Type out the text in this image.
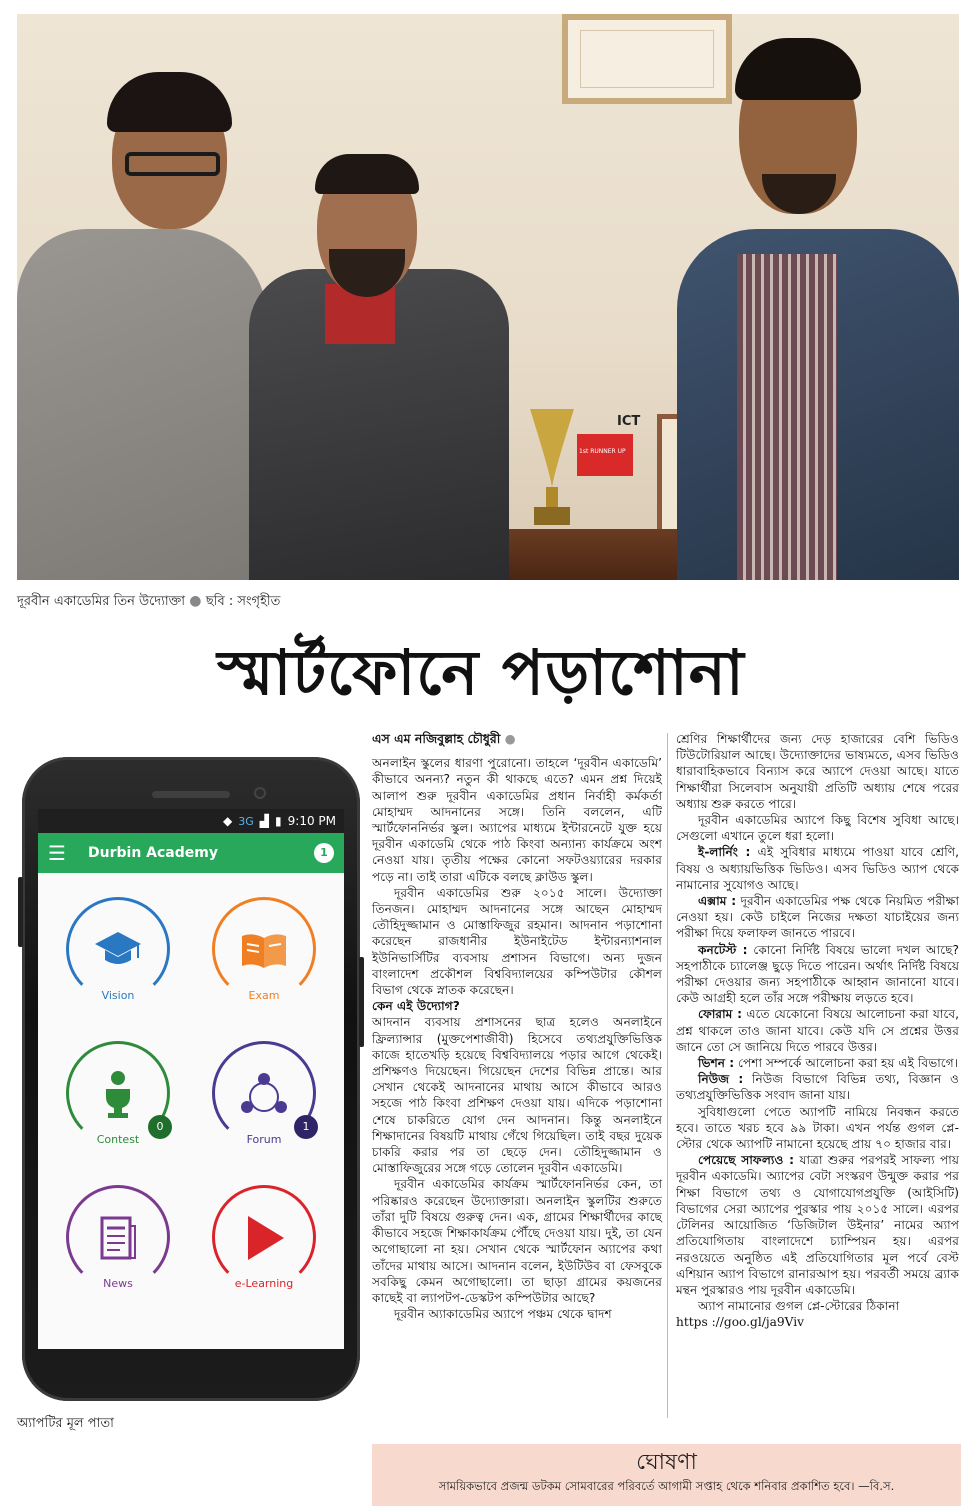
ICT
1st RUNNER UP
দূরবীন একাডেমির তিন উদ্যোক্তা ● ছবি : সংগৃহীত
স্মার্টফোনে পড়াশোনা
◆ 3G ▟ ▮ 9:10 PM
☰	Durbin Academy	1
Vision	Exam
0
Contest
1
Forum
News	e-Learning
অ্যাপটির মূল পাতা
এস এম নজিবুল্লাহ চৌধুরী ●

অনলাইন স্কুলের ধারণা পুরোনো। তাহলে ‘দূরবীন একাডেমি’ কীভাবে অনন্য? নতুন কী থাকছে এতে? এমন প্রশ্ন দিয়েই আলাপ শুরু দূরবীন একাডেমির প্রধান নির্বাহী কর্মকর্তা মোহাম্মদ আদনানের সঙ্গে। তিনি বললেন, এটি স্মার্টফোননির্ভর স্কুল। অ্যাপের মাধ্যমে ইন্টারনেটে যুক্ত হয়ে দূরবীন একাডেমি থেকে পাঠ কিংবা অন্যান্য কার্যক্রমে অংশ নেওয়া যায়। তৃতীয় পক্ষের কোনো সফটওয়্যারের দরকার পড়ে না। তাই তারা এটিকে বলছে ক্লাউড স্কুল।

দূরবীন একাডেমির শুরু ২০১৫ সালে। উদ্যোক্তা তিনজন। মোহাম্মদ আদনানের সঙ্গে আছেন মোহাম্মদ তৌহিদুজ্জামান ও মোস্তাফিজুর রহমান। আদনান পড়াশোনা করেছেন রাজধানীর ইউনাইটেড ইন্টারন্যাশনাল ইউনিভার্সিটির ব্যবসায় প্রশাসন বিভাগে। অন্য দুজন বাংলাদেশ প্রকৌশল বিশ্ববিদ্যালয়ের কম্পিউটার কৌশল বিভাগ থেকে স্নাতক করেছেন।

কেন এই উদ্যোগ?

আদনান ব্যবসায় প্রশাসনের ছাত্র হলেও অনলাইনে ফ্রিল্যান্সার (মুক্তপেশাজীবী) হিসেবে তথ্যপ্রযুক্তিভিত্তিক কাজে হাতেখড়ি হয়েছে বিশ্ববিদ্যালয়ে পড়ার আগে থেকেই। প্রশিক্ষণও দিয়েছেন। গিয়েছেন দেশের বিভিন্ন প্রান্তে। আর সেখান থেকেই আদনানের মাথায় আসে কীভাবে আরও সহজে পাঠ কিংবা প্রশিক্ষণ দেওয়া যায়। এদিকে পড়াশোনা শেষে চাকরিতে যোগ দেন আদনান। কিন্তু অনলাইনে শিক্ষাদানের বিষয়টি মাথায় গেঁথে গিয়েছিল। তাই বছর দুয়েক চাকরি করার পর তা ছেড়ে দেন। তৌহিদুজ্জামান ও মোস্তাফিজুরের সঙ্গে গড়ে তোলেন দূরবীন একাডেমি।

দূরবীন একাডেমির কার্যক্রম স্মার্টফোননির্ভর কেন, তা পরিষ্কারও করেছেন উদ্যোক্তারা। অনলাইন স্কুলটির শুরুতে তাঁরা দুটি বিষয়ে গুরুত্ব দেন। এক, গ্রামের শিক্ষার্থীদের কাছে কীভাবে সহজে শিক্ষাকার্যক্রম পৌঁছে দেওয়া যায়। দুই, তা যেন অগোছালো না হয়। সেখান থেকে স্মার্টফোন অ্যাপের কথা তাঁদের মাথায় আসে। আদনান বলেন, ইউটিউব বা ফেসবুকে সবকিছু কেমন অগোছালো। তা ছাড়া গ্রামের কয়জনের কাছেই বা ল্যাপটপ-ডেস্কটপ কম্পিউটার আছে?

দূরবীন অ্যাকাডেমির অ্যাপে পঞ্চম থেকে দ্বাদশ

শ্রেণির শিক্ষার্থীদের জন্য দেড় হাজারের বেশি ভিডিও টিউটোরিয়াল আছে। উদ্যোক্তাদের ভাষ্যমতে, এসব ভিডিও ধারাবাহিকভাবে বিন্যাস করে অ্যাপে দেওয়া আছে। যাতে শিক্ষার্থীরা সিলেবাস অনুযায়ী প্রতিটি অধ্যায় শেষে পরের অধ্যায় শুরু করতে পারে।

দূরবীন একাডেমির অ্যাপে কিছু বিশেষ সুবিধা আছে। সেগুলো এখানে তুলে ধরা হলো।

ই-লার্নিং : এই সুবিধার মাধ্যমে পাওয়া যাবে শ্রেণি, বিষয় ও অধ্যায়ভিত্তিক ভিডিও। এসব ভিডিও অ্যাপ থেকে নামানোর সুযোগও আছে।

এক্সাম : দূরবীন একাডেমির পক্ষ থেকে নিয়মিত পরীক্ষা নেওয়া হয়। কেউ চাইলে নিজের দক্ষতা যাচাইয়ের জন্য পরীক্ষা দিয়ে ফলাফল জানতে পারবে।

কনটেস্ট : কোনো নির্দিষ্ট বিষয়ে ভালো দখল আছে? সহপাঠীকে চ্যালেঞ্জ ছুড়ে দিতে পারেন। অর্থাৎ নির্দিষ্ট বিষয়ে পরীক্ষা দেওয়ার জন্য সহপাঠীকে আহ্বান জানানো যাবে। কেউ আগ্রহী হলে তাঁর সঙ্গে পরীক্ষায় লড়তে হবে।

ফোরাম : এতে যেকোনো বিষয়ে আলোচনা করা যাবে, প্রশ্ন থাকলে তাও জানা যাবে। কেউ যদি সে প্রশ্নের উত্তর জানে তো সে জানিয়ে দিতে পারবে উত্তর।

ভিশন : পেশা সম্পর্কে আলোচনা করা হয় এই বিভাগে।

নিউজ : নিউজ বিভাগে বিভিন্ন তথ্য, বিজ্ঞান ও তথ্যপ্রযুক্তিভিত্তিক সংবাদ জানা যায়।

সুবিধাগুলো পেতে অ্যাপটি নামিয়ে নিবন্ধন করতে হবে। তাতে খরচ হবে ৯৯ টাকা। এখন পর্যন্ত গুগল প্লে-স্টোর থেকে অ্যাপটি নামানো হয়েছে প্রায় ৭০ হাজার বার।

পেয়েছে সাফল্যও : যাত্রা শুরুর পরপরই সাফল্য পায় দূরবীন একাডেমি। অ্যাপের বেটা সংস্করণ উন্মুক্ত করার পর শিক্ষা বিভাগে তথ্য ও যোগাযোগপ্রযুক্তি (আইসিটি) বিভাগের সেরা অ্যাপের পুরস্কার পায় ২০১৫ সালে। এরপর টেলিনর আয়োজিত ‘ডিজিটাল উইনার’ নামের অ্যাপ প্রতিযোগিতায় বাংলাদেশে চ্যাম্পিয়ন হয়। এরপর নরওয়েতে অনুষ্ঠিত এই প্রতিযোগিতার মূল পর্বে বেস্ট এশিয়ান অ্যাপ বিভাগে রানারআপ হয়। পরবর্তী সময়ে ব্র্যাক মন্থন পুরস্কারও পায় দূরবীন একাডেমি।

অ্যাপ নামানোর গুগল প্লে-স্টোরের ঠিকানা

https ://goo.gl/ja9Viv

ঘোষণা
সাময়িকভাবে প্রজন্ম ডটকম সোমবারের পরিবর্তে আগামী সপ্তাহ থেকে শনিবার প্রকাশিত হবে। —বি.স.
